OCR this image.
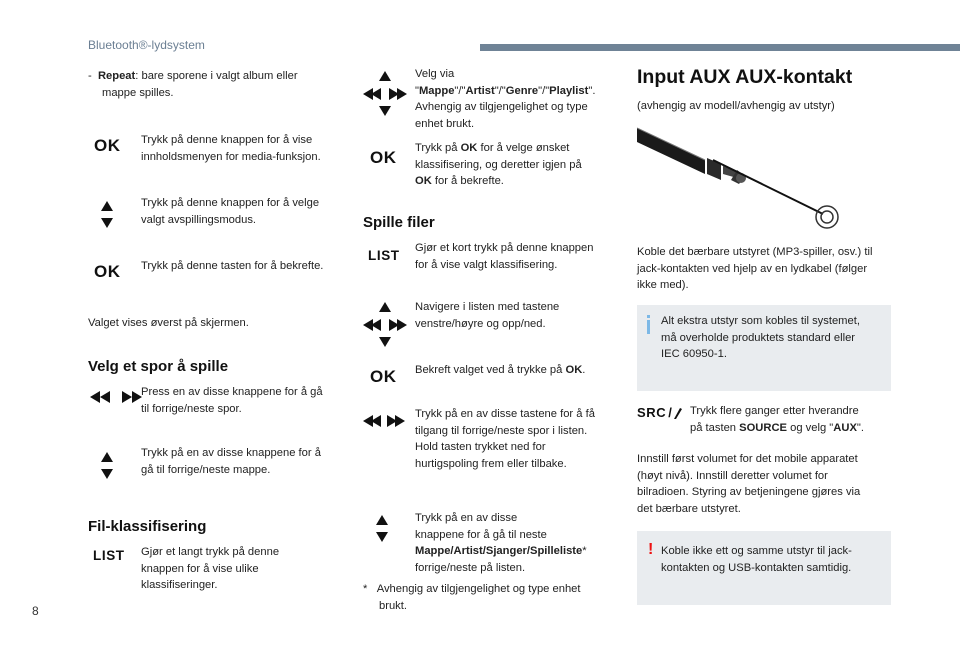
Bluetooth®-lydsystem
8
- Repeat: bare sporene i valgt album eller
mappe spilles.
OK Trykk på denne knappen for å vise
innholdsmenyen for media-funksjon.
Trykk på denne knappen for å velge
valgt avspillingsmodus.
OK Trykk på denne tasten for å bekrefte.
Valget vises øverst på skjermen.
Velg et spor å spille
Press en av disse knappene for å gå
til forrige/neste spor.
Trykk på en av disse knappene for å
gå til forrige/neste mappe.
Fil-klassifisering
LIST Gjør et langt trykk på denne
knappen for å vise ulike
klassifiseringer.
Velg via
"Mappe"/"Artist"/"Genre"/"Playlist".
Avhengig av tilgjengelighet og type
enhet brukt.
OK Trykk på OK for å velge ønsket
klassifisering, og deretter igjen på
OK for å bekrefte.
Spille filer
LIST Gjør et kort trykk på denne knappen
for å vise valgt klassifisering.
Navigere i listen med tastene
venstre/høyre og opp/ned.
OK Bekreft valget ved å trykke på OK.
Trykk på en av disse tastene for å få
tilgang til forrige/neste spor i listen.
Hold tasten trykket ned for
hurtigspoling frem eller tilbake.
Trykk på en av disse
knappene for å gå til neste
Mappe/Artist/Sjanger/Spilleliste*
forrige/neste på listen.
* Avhengig av tilgjengelighet og type enhet
brukt.
Input AUX AUX-kontakt
(avhengig av modell/avhengig av utstyr)
Koble det bærbare utstyret (MP3-spiller, osv.) til
jack-kontakten ved hjelp av en lydkabel (følger
ikke med).
Alt ekstra utstyr som kobles til systemet,
må overholde produktets standard eller
IEC 60950-1.
SRC / Trykk flere ganger etter hverandre
på tasten SOURCE og velg "AUX".
Innstill først volumet for det mobile apparatet
(høyt nivå). Innstill deretter volumet for
bilradioen. Styring av betjeningene gjøres via
det bærbare utstyret.
! Koble ikke ett og samme utstyr til jack-
kontakten og USB-kontakten samtidig.
